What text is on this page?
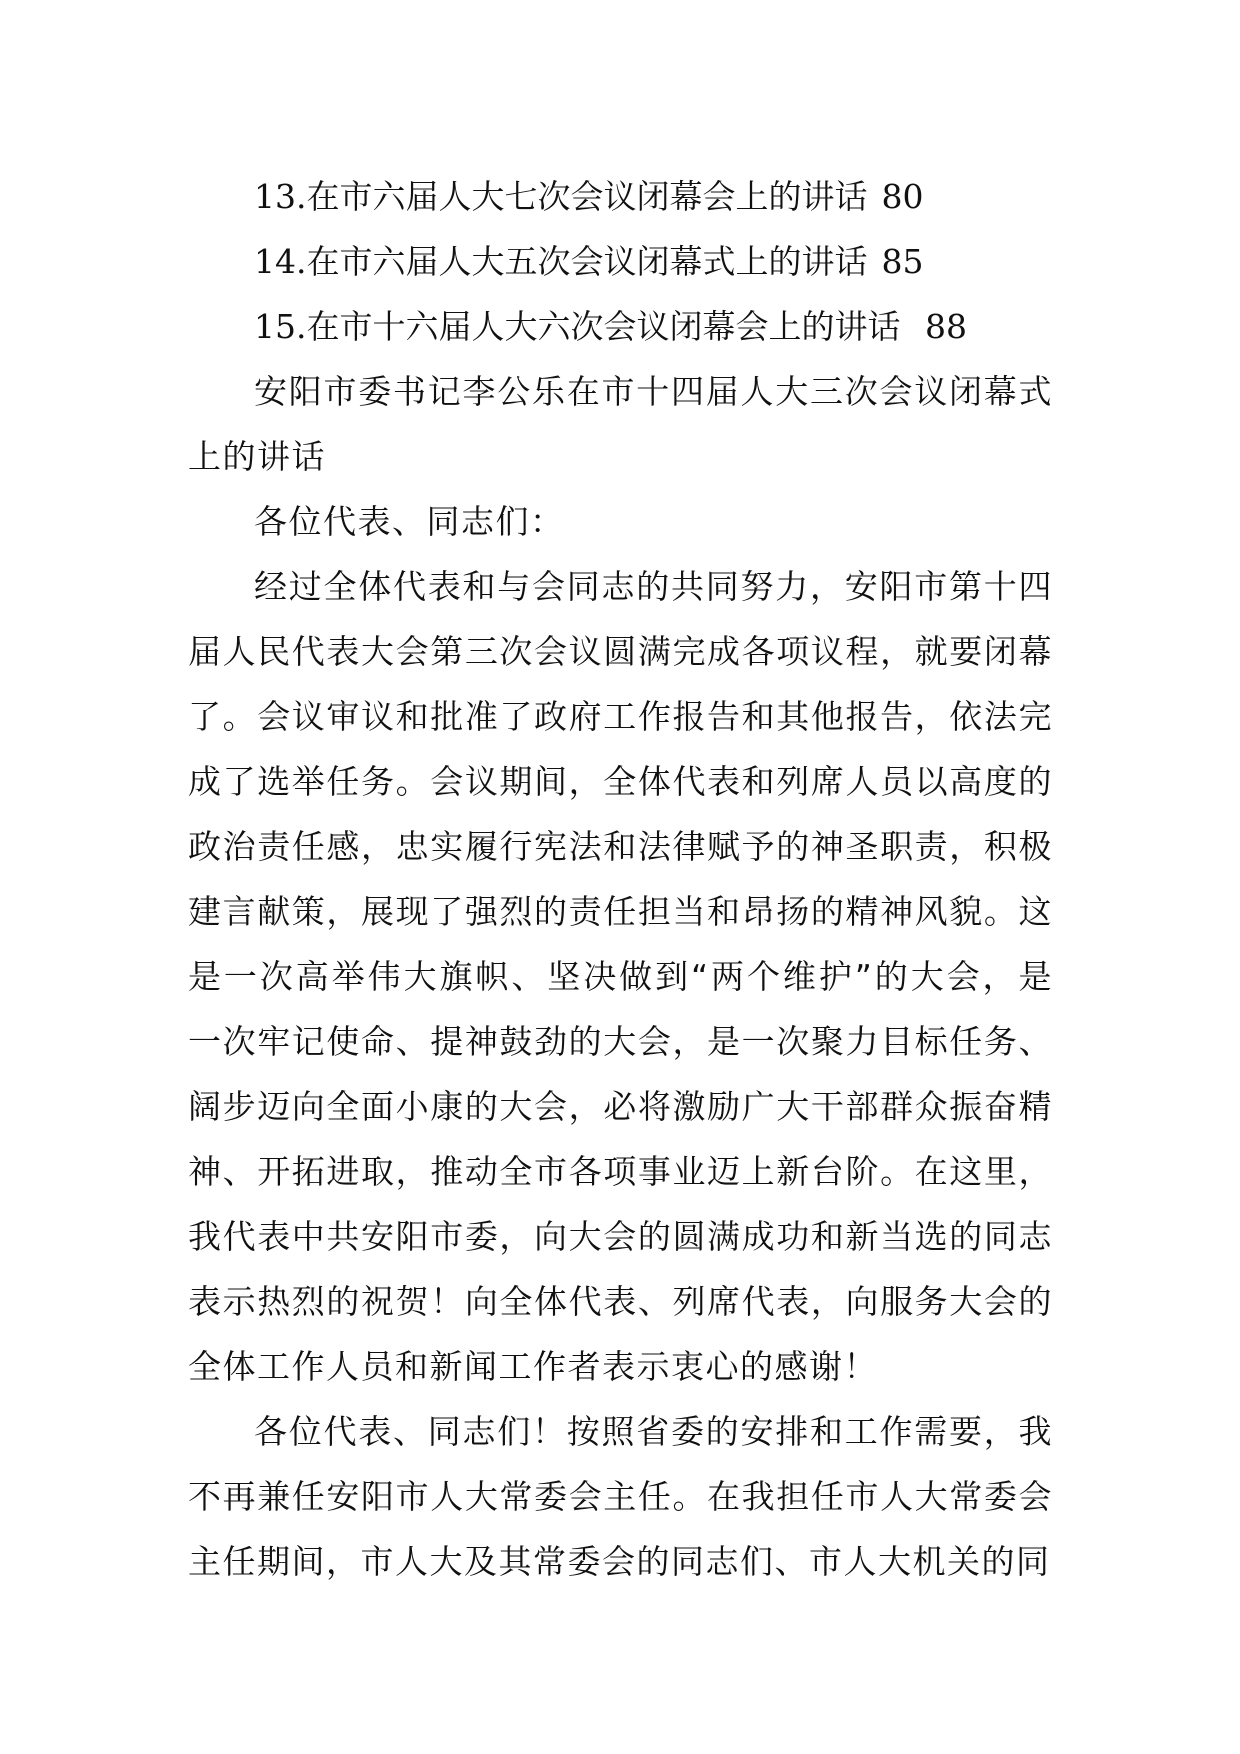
13.在市六届人大七次会议闭幕会上的讲话 80
14.在市六届人大五次会议闭幕式上的讲话 85
15.在市十六届人大六次会议闭幕会上的讲话 88

安阳市委书记李公乐在市十四届人大三次会议闭幕式上的讲话

各位代表、同志们：

经过全体代表和与会同志的共同努力，安阳市第十四届人民代表大会第三次会议圆满完成各项议程，就要闭幕了。会议审议和批准了政府工作报告和其他报告，依法完成了选举任务。会议期间，全体代表和列席人员以高度的政治责任感，忠实履行宪法和法律赋予的神圣职责，积极建言献策，展现了强烈的责任担当和昂扬的精神风貌。这是一次高举伟大旗帜、坚决做到“两个维护”的大会，是一次牢记使命、提神鼓劲的大会，是一次聚力目标任务、阔步迈向全面小康的大会，必将激励广大干部群众振奋精神、开拓进取，推动全市各项事业迈上新台阶。在这里，我代表中共安阳市委，向大会的圆满成功和新当选的同志表示热烈的祝贺！向全体代表、列席代表，向服务大会的全体工作人员和新闻工作者表示衷心的感谢！

各位代表、同志们！按照省委的安排和工作需要，我不再兼任安阳市人大常委会主任。在我担任市人大常委会主任期间，市人大及其常委会的同志们、市人大机关的同
